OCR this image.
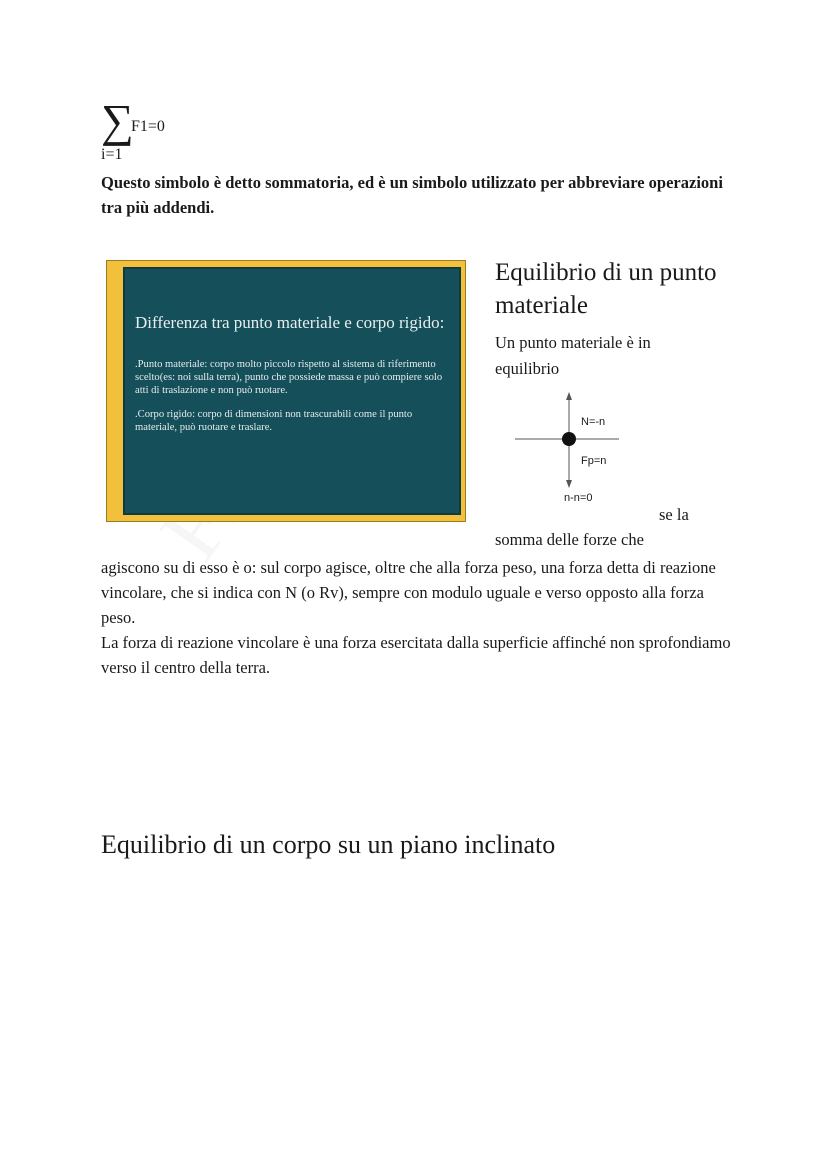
∑
F1=0
i=1
Questo simbolo è detto sommatoria, ed è un simbolo utilizzato per abbreviare operazioni tra più addendi.
Differenza tra punto materiale e corpo rigido:

.Punto materiale: corpo molto piccolo rispetto al sistema di riferimento scelto(es: noi sulla terra), punto che possiede massa e può compiere solo atti di traslazione e non può ruotare.

.Corpo rigido: corpo di dimensioni non trascurabili come il punto materiale, può ruotare e traslare.

Equilibrio di un punto materiale
Un punto materiale è in equilibrio
N=-n
Fp=n
n-n=0
se la
somma delle forze che

agiscono su di esso è o: sul corpo agisce, oltre che alla forza peso, una forza detta di reazione vincolare, che si indica con N (o Rv), sempre con modulo uguale e verso opposto alla forza peso.

La forza di reazione vincolare è una forza esercitata dalla superficie affinché non sprofondiamo verso il centro della terra.

Equilibrio di un corpo su un piano inclinato
